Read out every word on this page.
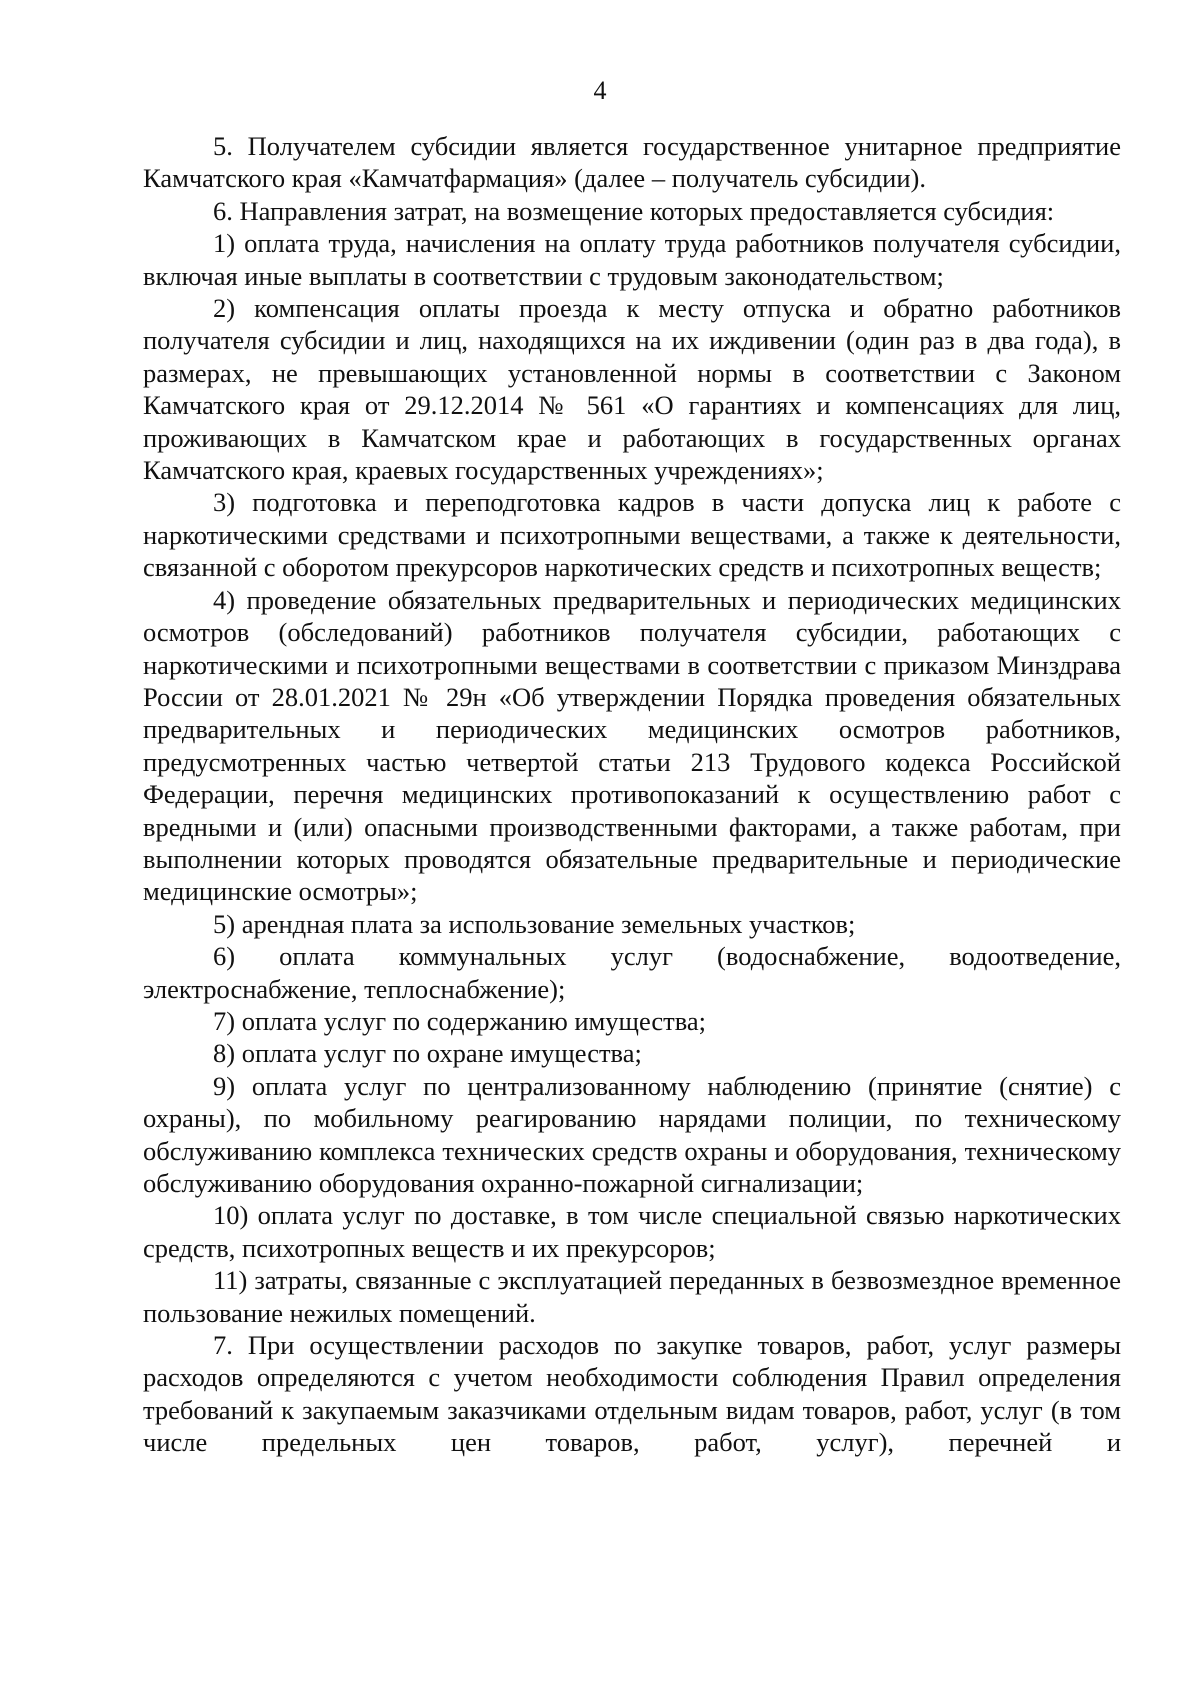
4

5. Получателем субсидии является государственное унитарное предприятие Камчатского края «Камчатфармация» (далее – получатель субсидии).

6. Направления затрат, на возмещение которых предоставляется субсидия:

1) оплата труда, начисления на оплату труда работников получателя субсидии, включая иные выплаты в соответствии с трудовым законодательством;

2) компенсация оплаты проезда к месту отпуска и обратно работников получателя субсидии и лиц, находящихся на их иждивении (один раз в два года), в размерах, не превышающих установленной нормы в соответствии с Законом Камчатского края от 29.12.2014 № 561 «О гарантиях и компенсациях для лиц, проживающих в Камчатском крае и работающих в государственных органах Камчатского края, краевых государственных учреждениях»;

3) подготовка и переподготовка кадров в части допуска лиц к работе с наркотическими средствами и психотропными веществами, а также к деятельности, связанной с оборотом прекурсоров наркотических средств и психотропных веществ;

4) проведение обязательных предварительных и периодических медицинских осмотров (обследований) работников получателя субсидии, работающих с наркотическими и психотропными веществами в соответствии с приказом Минздрава России от 28.01.2021 № 29н «Об утверждении Порядка проведения обязательных предварительных и периодических медицинских осмотров работников, предусмотренных частью четвертой статьи 213 Трудового кодекса Российской Федерации, перечня медицинских противопоказаний к осуществлению работ с вредными и (или) опасными производственными факторами, а также работам, при выполнении которых проводятся обязательные предварительные и периодические медицинские осмотры»;

5) арендная плата за использование земельных участков;

6) оплата коммунальных услуг (водоснабжение, водоотведение, электроснабжение, теплоснабжение);

7) оплата услуг по содержанию имущества;

8) оплата услуг по охране имущества;

9) оплата услуг по централизованному наблюдению (принятие (снятие) с охраны), по мобильному реагированию нарядами полиции, по техническому обслуживанию комплекса технических средств охраны и оборудования, техническому обслуживанию оборудования охранно-пожарной сигнализации;

10) оплата услуг по доставке, в том числе специальной связью наркотических средств, психотропных веществ и их прекурсоров;

11) затраты, связанные с эксплуатацией переданных в безвозмездное временное пользование нежилых помещений.

7. При осуществлении расходов по закупке товаров, работ, услуг размеры расходов определяются с учетом необходимости соблюдения Правил определения требований к закупаемым заказчиками отдельным видам товаров, работ, услуг (в том числе предельных цен товаров, работ, услуг), перечней и
